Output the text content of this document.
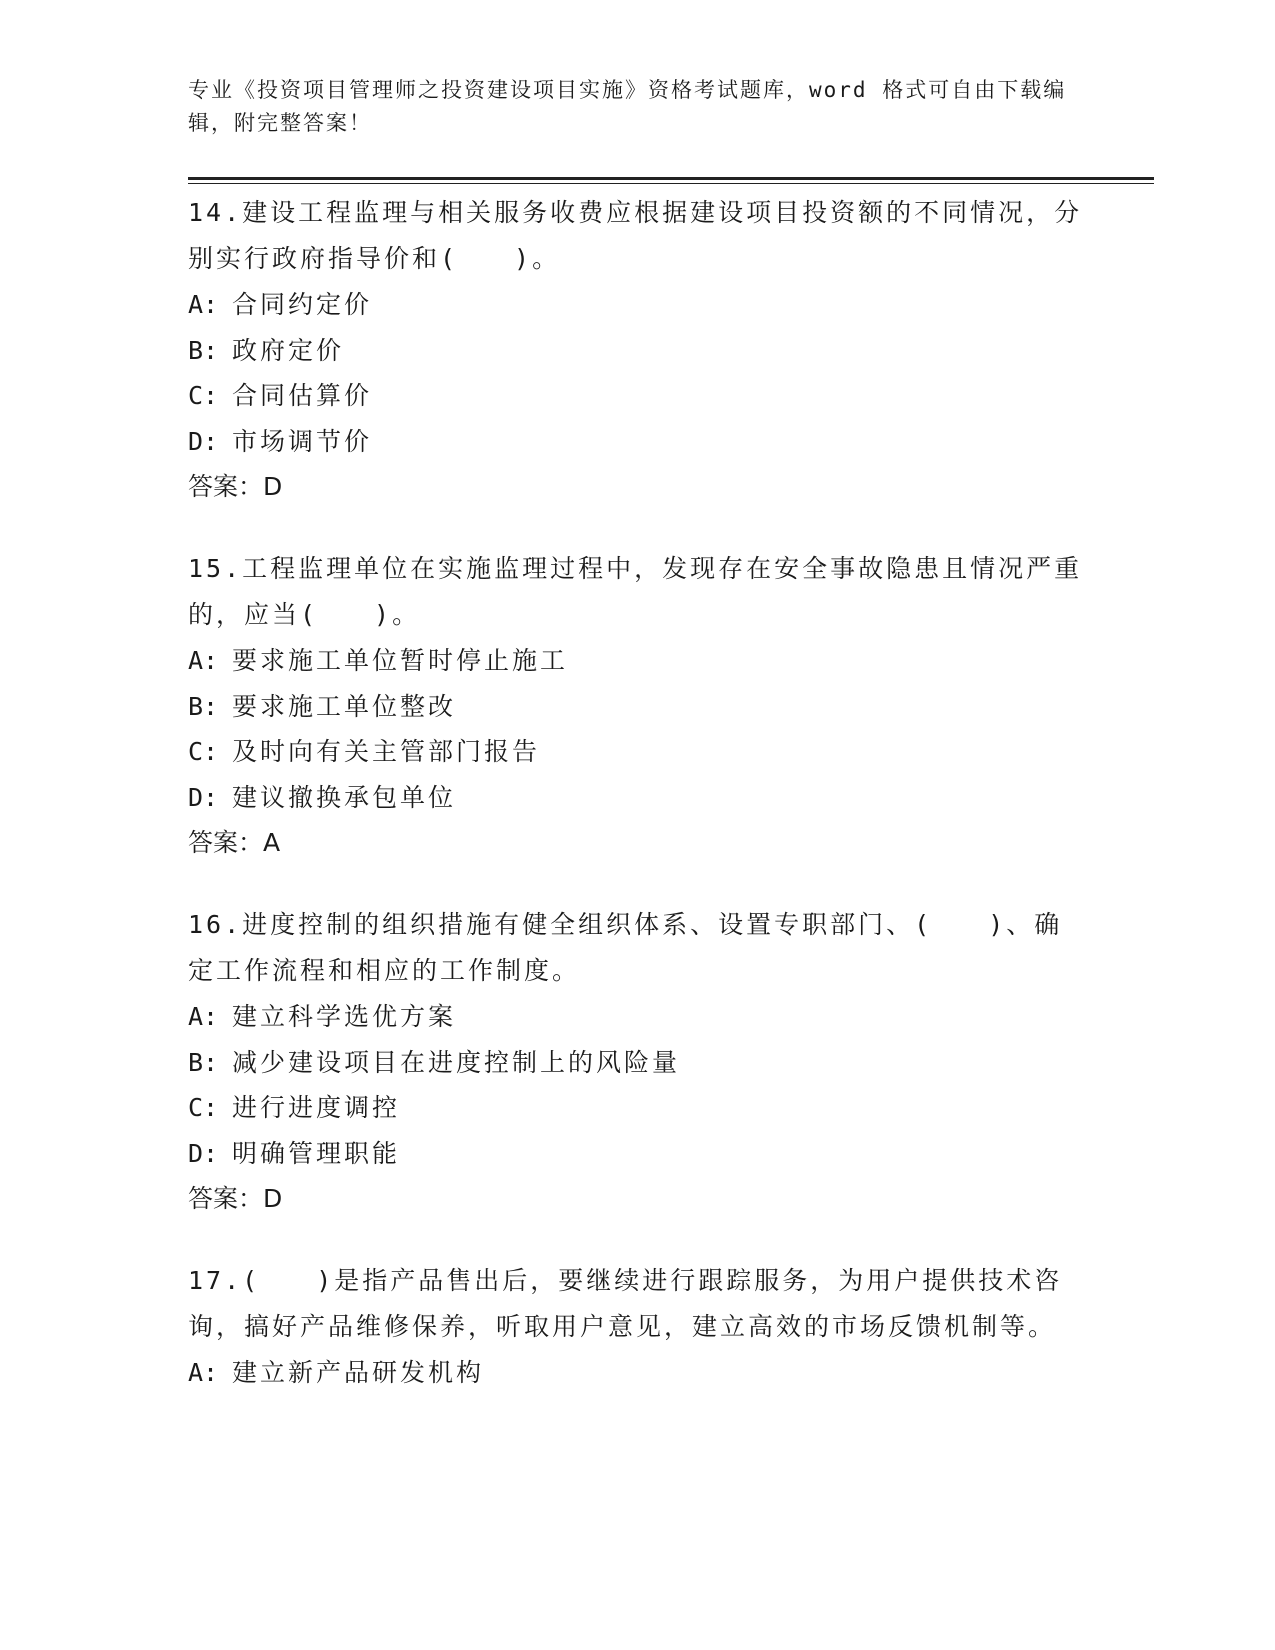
专业《投资项目管理师之投资建设项目实施》资格考试题库，word 格式可自由下载编辑，附完整答案！
14.建设工程监理与相关服务收费应根据建设项目投资额的不同情况，分别实行政府指导价和(　　)。
A: 合同约定价
B: 政府定价
C: 合同估算价
D: 市场调节价
答案：D
15.工程监理单位在实施监理过程中，发现存在安全事故隐患且情况严重的，应当(　　)。
A: 要求施工单位暂时停止施工
B: 要求施工单位整改
C: 及时向有关主管部门报告
D: 建议撤换承包单位
答案：A
16.进度控制的组织措施有健全组织体系、设置专职部门、(　　)、确定工作流程和相应的工作制度。
A: 建立科学选优方案
B: 减少建设项目在进度控制上的风险量
C: 进行进度调控
D: 明确管理职能
答案：D
17.(　　)是指产品售出后，要继续进行跟踪服务，为用户提供技术咨询，搞好产品维修保养，听取用户意见，建立高效的市场反馈机制等。
A: 建立新产品研发机构
